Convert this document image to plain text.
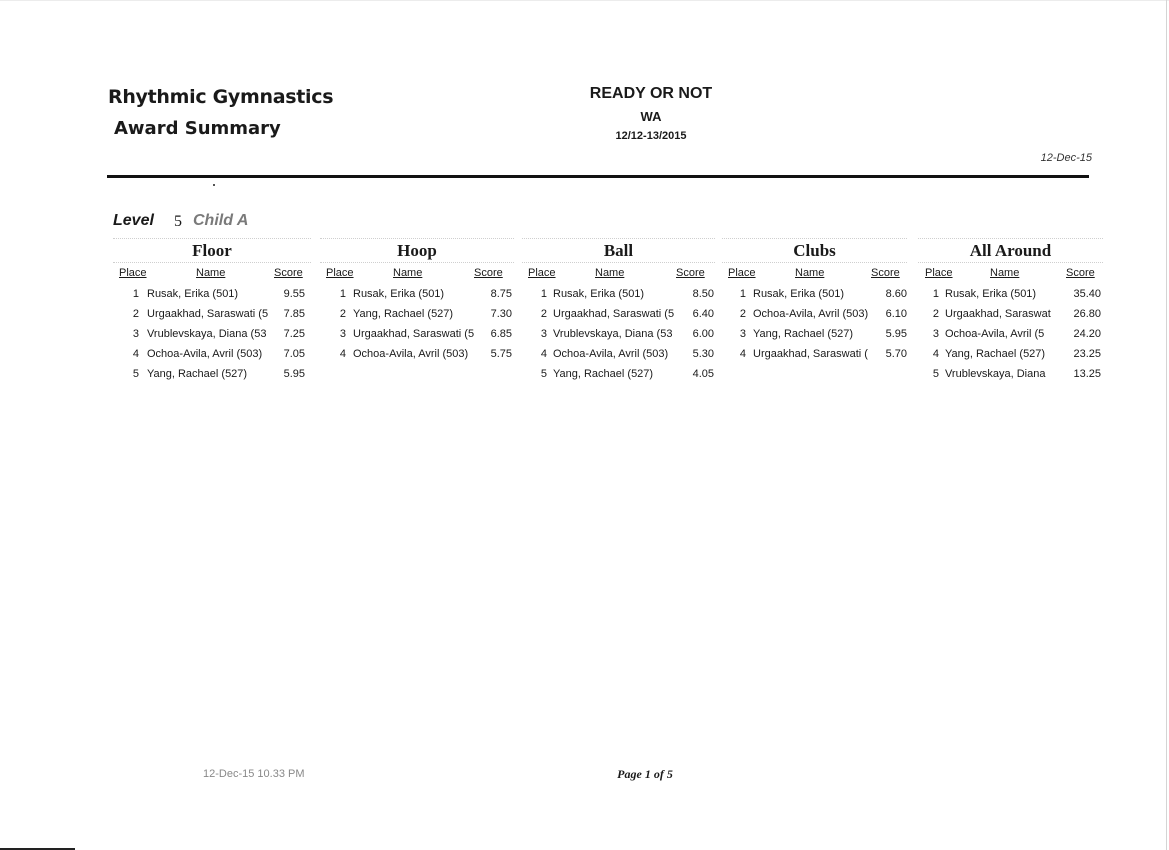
Rhythmic Gymnastics
Award Summary
READY OR NOT
WA
12/12-13/2015
12-Dec-15
Level 5 Child A
Floor
Place	Name	Score
1 Rusak, Erika (501)	9.55
2 Urgaakhad, Saraswati (5	7.85
3 Vrublevskaya, Diana (53	7.25
4 Ochoa-Avila, Avril (503)	7.05
5 Yang, Rachael (527)	5.95
Hoop
Place	Name	Score
1 Rusak, Erika (501)	8.75
2 Yang, Rachael (527)	7.30
3 Urgaakhad, Saraswati (5	6.85
4 Ochoa-Avila, Avril (503)	5.75
Ball
Place	Name	Score
1 Rusak, Erika (501)	8.50
2 Urgaakhad, Saraswati (5	6.40
3 Vrublevskaya, Diana (53	6.00
4 Ochoa-Avila, Avril (503)	5.30
5 Yang, Rachael (527)	4.05
Clubs
Place	Name	Score
1 Rusak, Erika (501)	8.60
2 Ochoa-Avila, Avril (503)	6.10
3 Yang, Rachael (527)	5.95
4 Urgaakhad, Saraswati (	5.70
All Around
Place	Name	Score
1 Rusak, Erika (501)	35.40
2 Urgaakhad, Saraswat	26.80
3 Ochoa-Avila, Avril (5	24.20
4 Yang, Rachael (527)	23.25
5 Vrublevskaya, Diana	13.25
12-Dec-15 10.33 PM	Page 1 of 5
